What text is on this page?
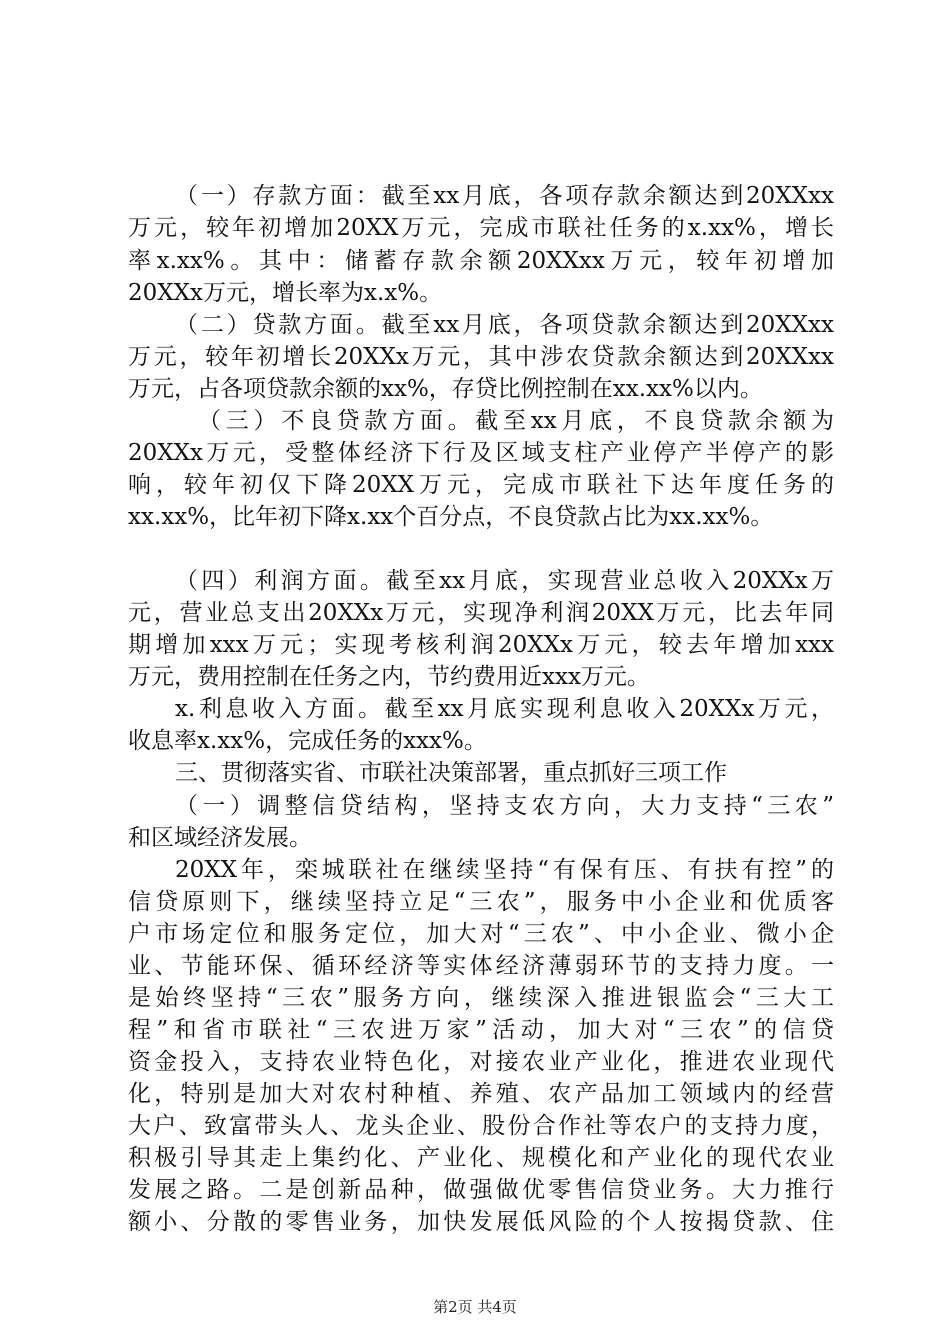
（一）存款方面：截至xx月底，各项存款余额达到20XXxx
万元，较年初增加20XX万元，完成市联社任务的x.xx%，增长
率x.xx%。其中：储蓄存款余额20XXxx万元，较年初增加
20XXx万元，增长率为x.x%。
（二）贷款方面。截至xx月底，各项贷款余额达到20XXxx
万元，较年初增长20XXx万元，其中涉农贷款余额达到20XXxx
万元，占各项贷款余额的xx%，存贷比例控制在xx.xx%以内。
（三）不良贷款方面。截至xx月底，不良贷款余额为
20XXx万元，受整体经济下行及区域支柱产业停产半停产的影
响，较年初仅下降20XX万元，完成市联社下达年度任务的
xx.xx%，比年初下降x.xx个百分点，不良贷款占比为xx.xx%。
（四）利润方面。截至xx月底，实现营业总收入20XXx万
元，营业总支出20XXx万元，实现净利润20XX万元，比去年同
期增加xxx万元；实现考核利润20XXx万元，较去年增加xxx
万元，费用控制在任务之内，节约费用近xxx万元。
x.利息收入方面。截至xx月底实现利息收入20XXx万元，
收息率x.xx%，完成任务的xxx%。
三、贯彻落实省、市联社决策部署，重点抓好三项工作
（一）调整信贷结构，坚持支农方向，大力支持“三农”
和区域经济发展。
20XX年，栾城联社在继续坚持“有保有压、有扶有控”的
信贷原则下，继续坚持立足“三农”，服务中小企业和优质客
户市场定位和服务定位，加大对“三农”、中小企业、微小企
业、节能环保、循环经济等实体经济薄弱环节的支持力度。一
是始终坚持“三农”服务方向，继续深入推进银监会“三大工
程”和省市联社“三农进万家”活动，加大对“三农”的信贷
资金投入，支持农业特色化，对接农业产业化，推进农业现代
化，特别是加大对农村种植、养殖、农产品加工领域内的经营
大户、致富带头人、龙头企业、股份合作社等农户的支持力度，
积极引导其走上集约化、产业化、规模化和产业化的现代农业
发展之路。二是创新品种，做强做优零售信贷业务。大力推行
额小、分散的零售业务，加快发展低风险的个人按揭贷款、住
第2页 共4页
